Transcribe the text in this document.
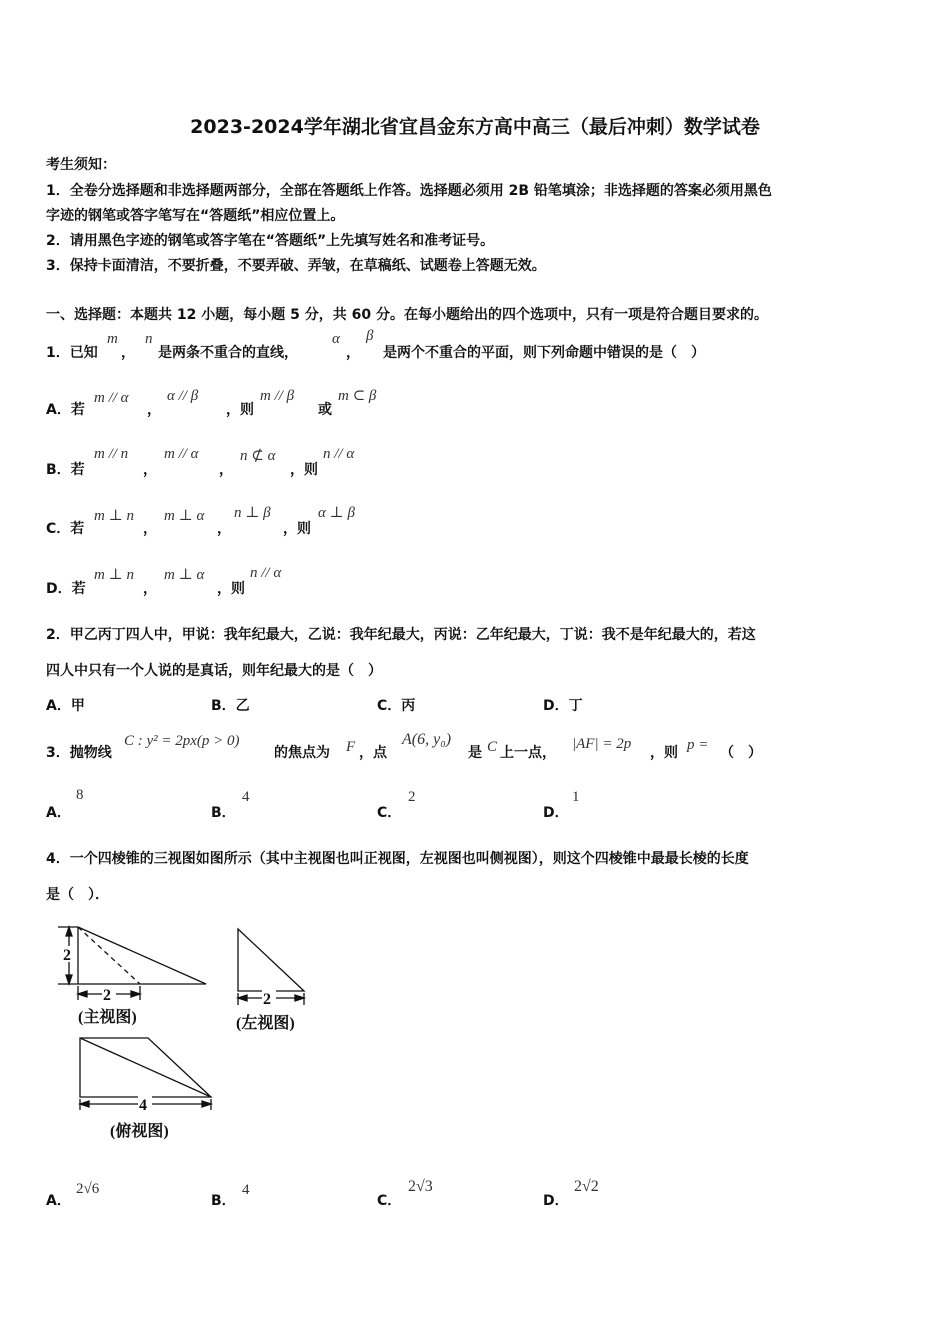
2023-2024学年湖北省宜昌金东方高中高三（最后冲刺）数学试卷
考生须知：
1．全卷分选择题和非选择题两部分，全部在答题纸上作答。选择题必须用 2B 铅笔填涂；非选择题的答案必须用黑色
字迹的钢笔或答字笔写在“答题纸”相应位置上。
2．请用黑色字迹的钢笔或答字笔在“答题纸”上先填写姓名和准考证号。
3．保持卡面清洁，不要折叠，不要弄破、弄皱，在草稿纸、试题卷上答题无效。
一、选择题：本题共 12 小题，每小题 5 分，共 60 分。在每小题给出的四个选项中，只有一项是符合题目要求的。
1．已知
m
，
n
是两条不重合的直线，
α
，
β
是两个不重合的平面，则下列命题中错误的是（　）
A．若
m // α
，
α // β
，则
m // β
或
m ⊂ β
B．若
m // n
，
m // α
，
n ⊄ α
，则
n // α
C．若
m ⊥ n
，
m ⊥ α
，
n ⊥ β
，则
α ⊥ β
D．若
m ⊥ n
，
m ⊥ α
，则
n // α
2．甲乙丙丁四人中，甲说：我年纪最大，乙说：我年纪最大，丙说：乙年纪最大，丁说：我不是年纪最大的，若这
四人中只有一个人说的是真话，则年纪最大的是（　）
A．甲	B．乙	C．丙	D．丁
3．抛物线
C : y² = 2px(p > 0)
的焦点为 F ，点
A(6, y₀)
是 C 上一点，
|AF| = 2p
，则 p = （　）
A．
8
B．
4
C．
2
D．
1
4．一个四棱锥的三视图如图所示（其中主视图也叫正视图，左视图也叫侧视图），则这个四棱锥中最最长棱的长度
是（　）．
2
2	2
4
(主视图)	(左视图)
(俯视图)
A．
2√6
B．
4
C．
2√3
D．
2√2
